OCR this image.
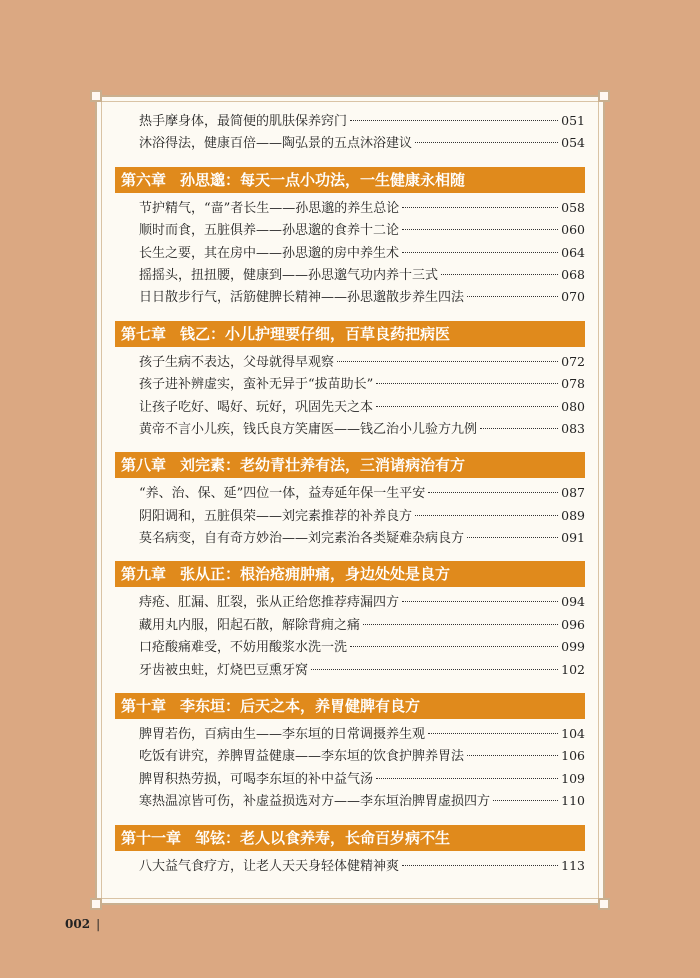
热手摩身体，最简便的肌肤保养窍门	051
沐浴得法，健康百倍——陶弘景的五点沐浴建议	054
第六章 孙思邈：每天一点小功法，一生健康永相随
节护精气，“啬”者长生——孙思邈的养生总论	058
顺时而食，五脏俱养——孙思邈的食养十二论	060
长生之要，其在房中——孙思邈的房中养生术	064
摇摇头，扭扭腰，健康到——孙思邈气功内养十三式	068
日日散步行气，活筋健脾长精神——孙思邈散步养生四法	070
第七章 钱乙：小儿护理要仔细，百草良药把病医
孩子生病不表达，父母就得早观察	072
孩子进补辨虚实，蛮补无异于“拔苗助长”	078
让孩子吃好、喝好、玩好，巩固先天之本	080
黄帝不言小儿疾，钱氏良方笑庸医——钱乙治小儿验方九例	083
第八章 刘完素：老幼青壮养有法，三消诸病治有方
“养、治、保、延”四位一体，益寿延年保一生平安	087
阴阳调和，五脏俱荣——刘完素推荐的补养良方	089
莫名病变，自有奇方妙治——刘完素治各类疑难杂病良方	091
第九章 张从正：根治疮痈肿痛，身边处处是良方
痔疮、肛漏、肛裂，张从正给您推荐痔漏四方	094
藏用丸内服，阳起石散，解除背痈之痛	096
口疮酸痛难受，不妨用酸浆水洗一洗	099
牙齿被虫蛀，灯烧巴豆熏牙窝	102
第十章 李东垣：后天之本，养胃健脾有良方
脾胃若伤，百病由生——李东垣的日常调摄养生观	104
吃饭有讲究，养脾胃益健康——李东垣的饮食护脾养胃法	106
脾胃积热劳损，可喝李东垣的补中益气汤	109
寒热温凉皆可伤，补虚益损选对方——李东垣治脾胃虚损四方	110
第十一章 邹铉：老人以食养寿，长命百岁病不生
八大益气食疗方，让老人天天身轻体健精神爽	113
002 |
